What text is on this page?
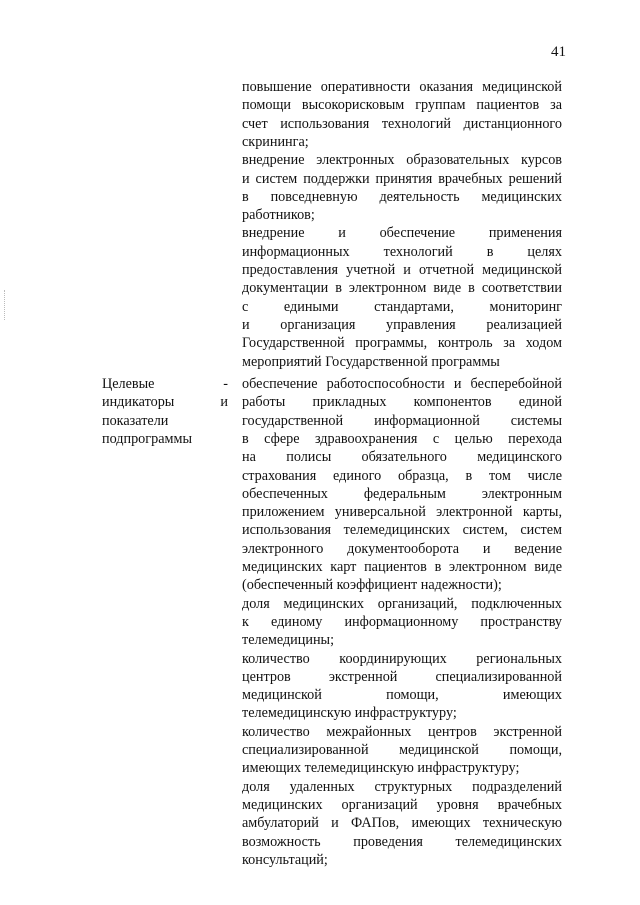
41
повышение оперативности оказания медицинской
помощи высокорисковым группам пациентов за
счет использования технологий дистанционного
скрининга;
внедрение электронных образовательных курсов
и систем поддержки принятия врачебных решений
в повседневную деятельность медицинских
работников;
внедрение и обеспечение применения
информационных технологий в целях
предоставления учетной и отчетной медицинской
документации в электронном виде в соответствии
с едиными стандартами, мониторинг
и организация управления реализацией
Государственной программы, контроль за ходом
мероприятий Государственной программы
Целевые -
индикаторы и
показатели
подпрограммы
обеспечение работоспособности и бесперебойной
работы прикладных компонентов единой
государственной информационной системы
в сфере здравоохранения с целью перехода
на полисы обязательного медицинского
страхования единого образца, в том числе
обеспеченных федеральным электронным
приложением универсальной электронной карты,
использования телемедицинских систем, систем
электронного документооборота и ведение
медицинских карт пациентов в электронном виде
(обеспеченный коэффициент надежности);
доля медицинских организаций, подключенных
к единому информационному пространству
телемедицины;
количество координирующих региональных
центров экстренной специализированной
медицинской помощи, имеющих
телемедицинскую инфраструктуру;
количество межрайонных центров экстренной
специализированной медицинской помощи,
имеющих телемедицинскую инфраструктуру;
доля удаленных структурных подразделений
медицинских организаций уровня врачебных
амбулаторий и ФАПов, имеющих техническую
возможность проведения телемедицинских
консультаций;
